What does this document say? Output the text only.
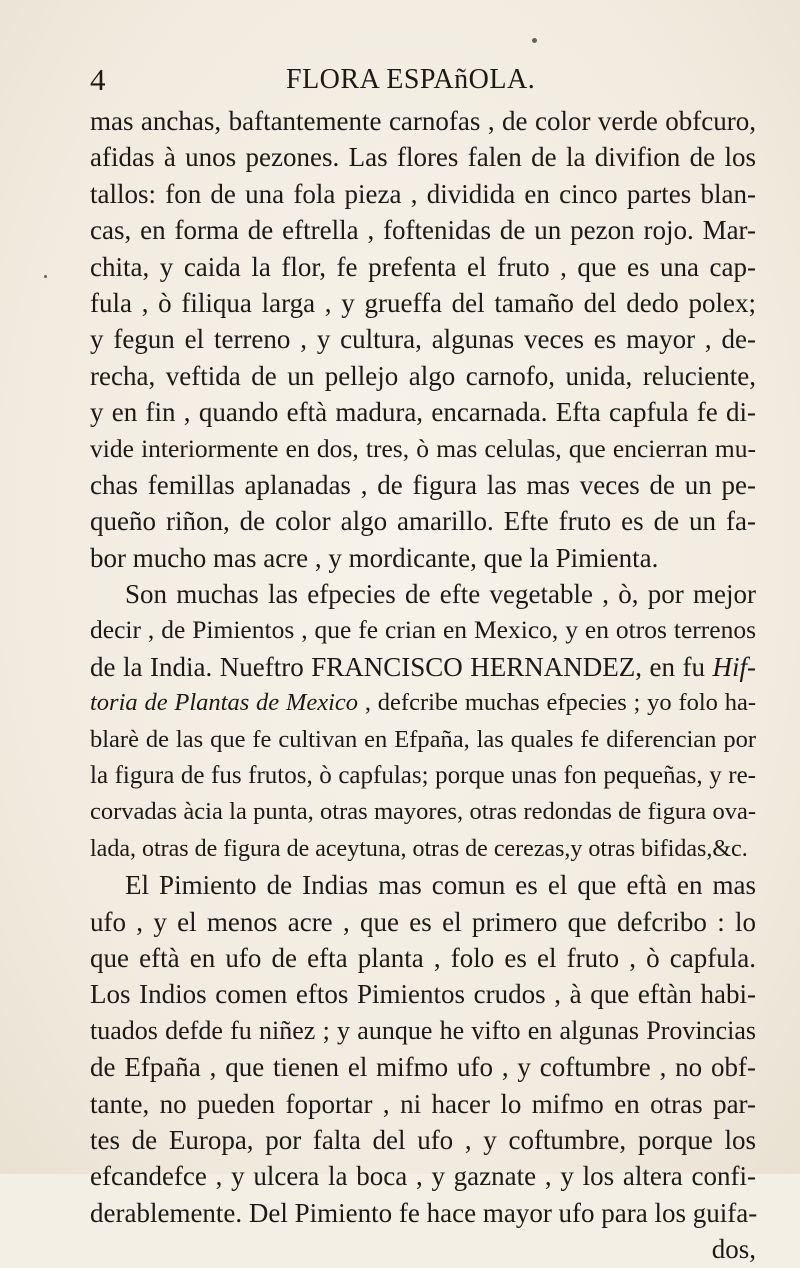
4	FLORA ESPAñOLA.
mas anchas, baftantemente carnofas , de color verde obfcuro,
afidas à unos pezones. Las flores falen de la divifion de los
tallos: fon de una fola pieza , dividida en cinco partes blan-
cas, en forma de eftrella , foftenidas de un pezon rojo. Mar-
chita, y caida la flor, fe prefenta el fruto , que es una cap-
fula , ò filiqua larga , y grueffa del tamaño del dedo polex;
y fegun el terreno , y cultura, algunas veces es mayor , de-
recha, veftida de un pellejo algo carnofo, unida, reluciente,
y en fin , quando eftà madura, encarnada. Efta capfula fe di-
vide interiormente en dos, tres, ò mas celulas, que encierran mu-
chas femillas aplanadas , de figura las mas veces de un pe-
queño riñon, de color algo amarillo. Efte fruto es de un fa-
bor mucho mas acre , y mordicante, que la Pimienta.
Son muchas las efpecies de efte vegetable , ò, por mejor
decir , de Pimientos , que fe crian en Mexico, y en otros terrenos
de la India. Nueftro FRANCISCO HERNANDEZ, en fu Hif-
toria de Plantas de Mexico , defcribe muchas efpecies ; yo folo ha-
blarè de las que fe cultivan en Efpaña, las quales fe diferencian por
la figura de fus frutos, ò capfulas; porque unas fon pequeñas, y re-
corvadas àcia la punta, otras mayores, otras redondas de figura ova-
lada, otras de figura de aceytuna, otras de cerezas,y otras bifidas,&c.
El Pimiento de Indias mas comun es el que eftà en mas
ufo , y el menos acre , que es el primero que defcribo : lo
que eftà en ufo de efta planta , folo es el fruto , ò capfula.
Los Indios comen eftos Pimientos crudos , à que eftàn habi-
tuados defde fu niñez ; y aunque he vifto en algunas Provincias
de Efpaña , que tienen el mifmo ufo , y coftumbre , no obf-
tante, no pueden foportar , ni hacer lo mifmo en otras par-
tes de Europa, por falta del ufo , y coftumbre, porque los
efcandefce , y ulcera la boca , y gaznate , y los altera confi-
derablemente. Del Pimiento fe hace mayor ufo para los guifa-
dos,
